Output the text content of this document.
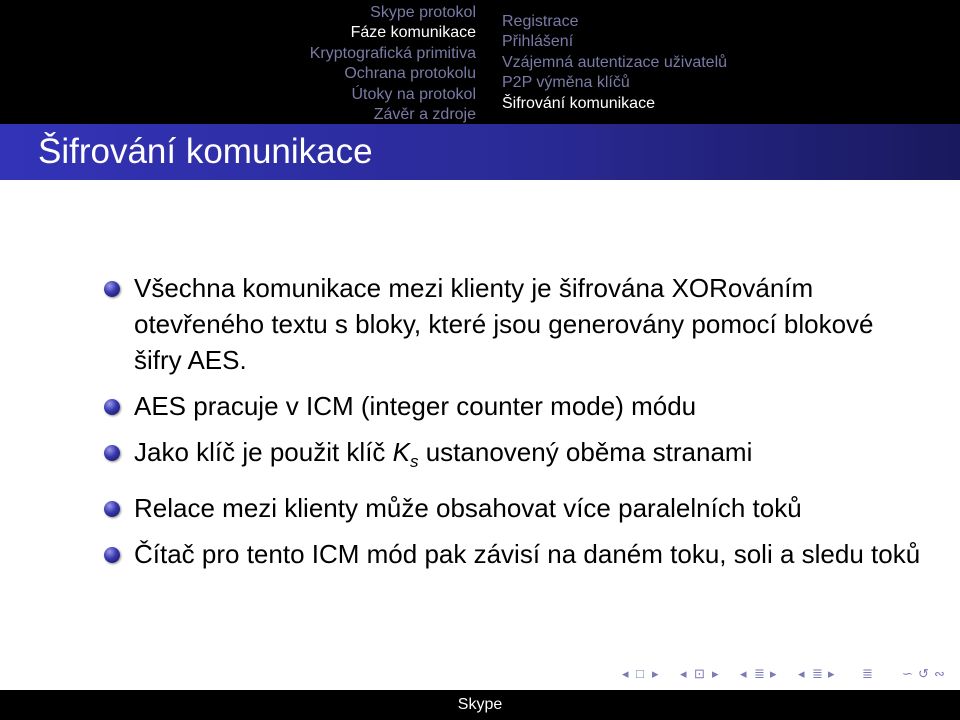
Skype protokol
Fáze komunikace
Kryptografická primitiva
Ochrana protokolu
Útoky na protokol
Závěr a zdroje
Registrace
Přihlášení
Vzájemná autentizace uživatelů
P2P výměna klíčů
Šifrování komunikace
Šifrování komunikace
Všechna komunikace mezi klienty je šifrována XORováním otevřeného textu s bloky, které jsou generovány pomocí blokové šifry AES.
AES pracuje v ICM (integer counter mode) módu
Jako klíč je použit klíč $K_s$ ustanovený oběma stranami
Relace mezi klienty může obsahovat více paralelních toků
Čítač pro tento ICM mód pak závisí na daném toku, soli a sledu toků
◂ □ ▸ ◂ ⊡ ▸ ◂ ≣ ▸ ◂ ≣ ▸ ≣ ∽ ↺ ∾
Skype
